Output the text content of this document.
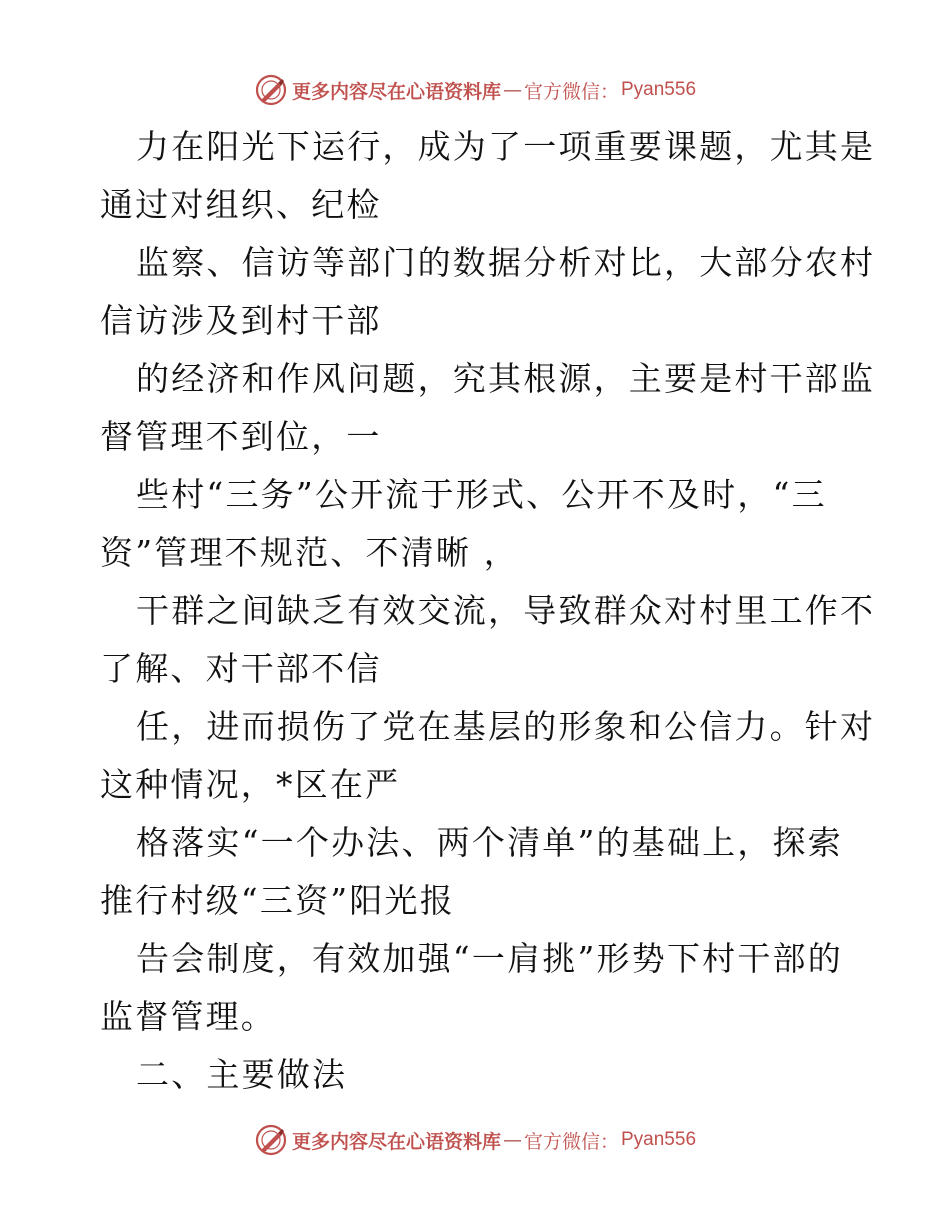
更多内容尽在心语资料库 — 官方微信： Pyan556
力在阳光下运行，成为了一项重要课题，尤其是
通过对组织、纪检
监察、信访等部门的数据分析对比，大部分农村
信访涉及到村干部
的经济和作风问题，究其根源，主要是村干部监
督管理不到位，一
些村“三务”公开流于形式、公开不及时，“三
资”管理不规范、不清晰 ，
干群之间缺乏有效交流，导致群众对村里工作不
了解、对干部不信
任，进而损伤了党在基层的形象和公信力。针对
这种情况，*区在严
格落实“一个办法、两个清单”的基础上，探索
推行村级“三资”阳光报
告会制度，有效加强“一肩挑”形势下村干部的
监督管理。
二、主要做法
更多内容尽在心语资料库 — 官方微信： Pyan556
